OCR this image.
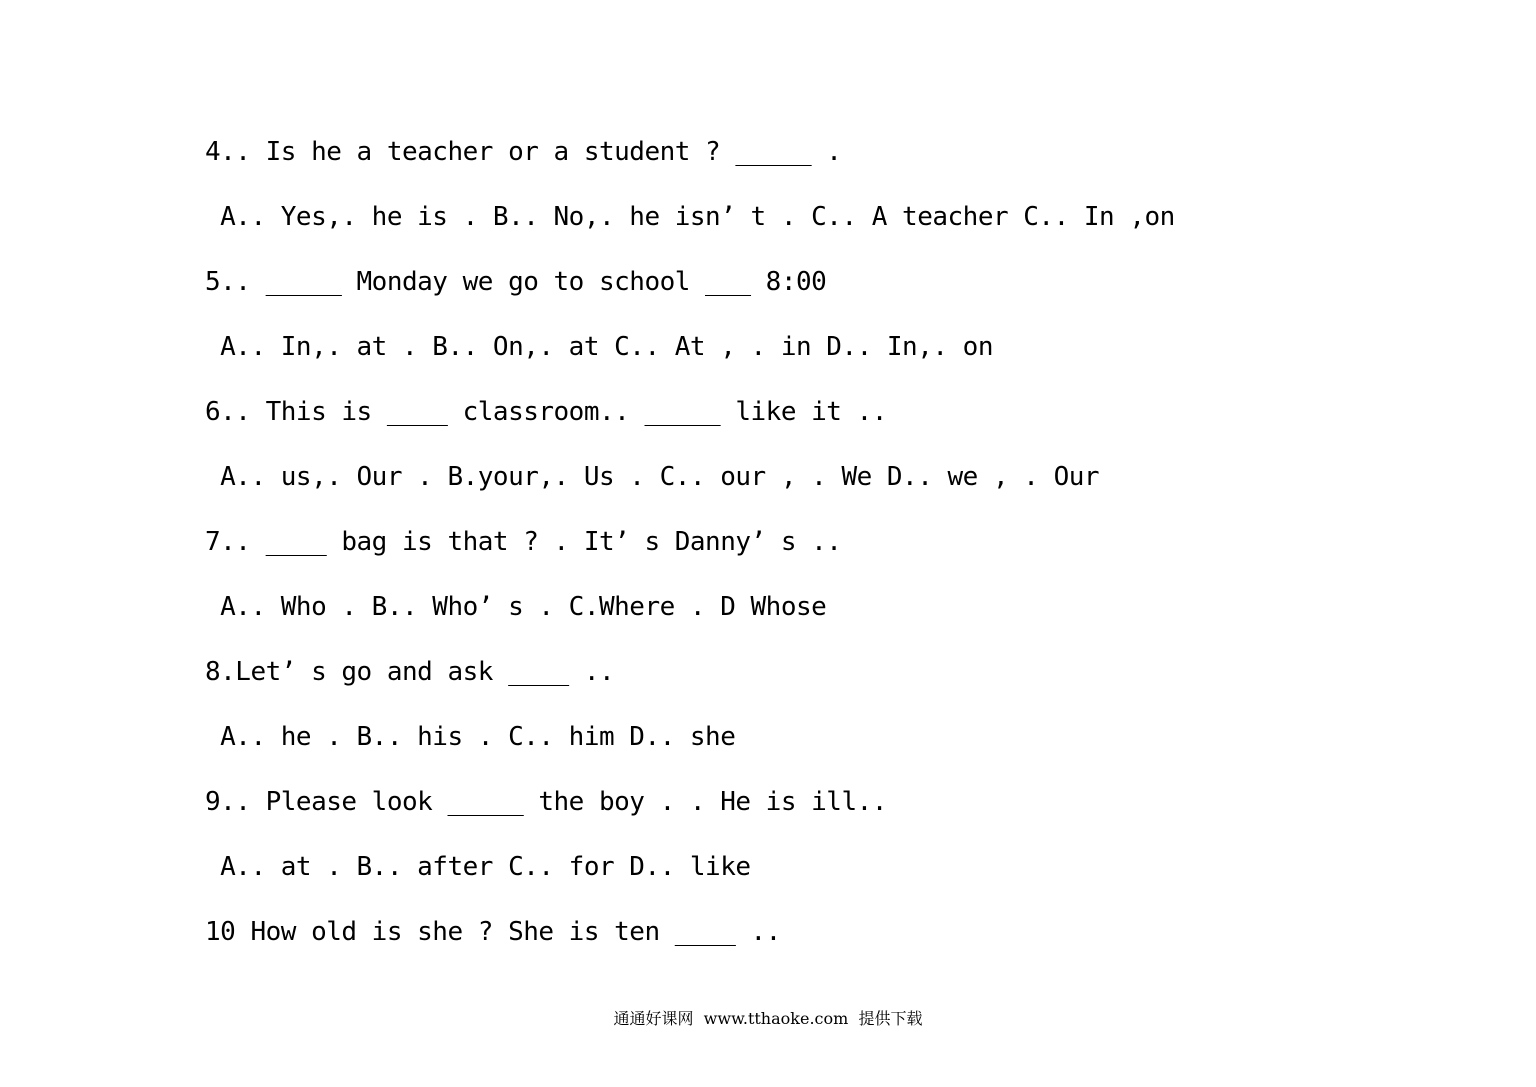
4.. Is he a teacher or a student ? _____ .
A.. Yes,. he is . B.. No,. he isn’ t . C.. A teacher C.. In ,on
5.. _____ Monday we go to school ___ 8:00
A.. In,. at . B.. On,. at C.. At , . in D.. In,. on
6.. This is ____ classroom.. _____ like it ..
A.. us,. Our . B.your,. Us . C.. our , . We D.. we , . Our
7.. ____ bag is that ? . It’ s Danny’ s ..
A.. Who . B.. Who’ s . C.Where . D Whose
8.Let’ s go and ask ____ ..
A.. he . B.. his . C.. him D.. she
9.. Please look _____ the boy . . He is ill..
A.. at . B.. after C.. for D.. like
10 How old is she ? She is ten ____ ..
通通好课网  www.tthaoke.com  提供下载
